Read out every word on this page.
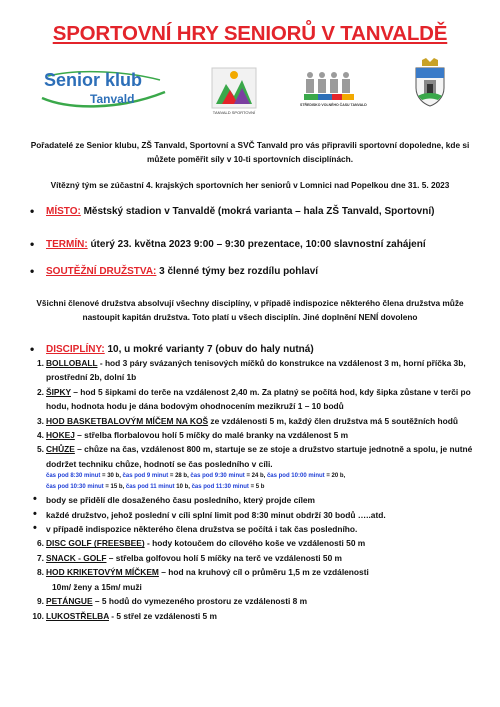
SPORTOVNÍ HRY SENIORŮ V TANVALDĚ
Senior klub
Tanvald
TANVALD SPORTOVNÍ
STŘEDISKO VOLNÉHO ČASU TANVALD
Pořadatelé ze Senior klubu, ZŠ Tanvald, Sportovní a SVČ Tanvald pro vás připravili sportovní dopoledne, kde si můžete poměřit síly v 10-ti sportovních disciplínách.
Vítězný tým se zúčastní 4. krajských sportovních her seniorů v Lomnici nad Popelkou dne 31. 5. 2023
• MÍSTO: Městský stadion v Tanvaldě (mokrá varianta – hala ZŠ Tanvald, Sportovní)
• TERMÍN: úterý 23. května 2023 9:00 – 9:30 prezentace, 10:00 slavnostní zahájení
• SOUTĚŽNÍ DRUŽSTVA: 3 členné týmy bez rozdílu pohlaví
Všichni členové družstva absolvují všechny disciplíny, v případě indispozice některého člena družstva může nastoupit kapitán družstva. Toto platí u všech disciplín. Jiné doplnění NENÍ dovoleno
• DISCIPLÍNY: 10, u mokré varianty 7 (obuv do haly nutná)
1. BOLLOBALL - hod 3 páry svázaných tenisových míčků do konstrukce na vzdálenost 3 m, horní příčka 3b, prostřední 2b, dolní 1b
2. ŠIPKY – hod 5 šipkami do terče na vzdálenost 2,40 m. Za platný se počítá hod, kdy šipka zůstane v terči po hodu, hodnota hodu je dána bodovým ohodnocením mezikruží 1 – 10 bodů
3. HOD BASKETBALOVÝM MÍČEM NA KOŠ ze vzdálenosti 5 m, každý člen družstva má 5 soutěžních hodů
4. HOKEJ – střelba florbalovou holí 5 míčky do malé branky na vzdálenost 5 m
5. CHŮZE – chůze na čas, vzdálenost 800 m, startuje se ze stoje a družstvo startuje jednotně a spolu, je nutné dodržet techniku chůze, hodnotí se čas posledního v cíli.
čas pod 8:30 minut = 30 b, čas pod 9 minut = 28 b, čas pod 9:30 minut = 24 b, čas pod 10:00 minut = 20 b,
čas pod 10:30 minut = 15 b, čas pod 11 minut 10 b, čas pod 11:30 minut = 5 b
• body se přidělí dle dosaženého času posledního, který projde cílem
• každé družstvo, jehož poslední v cíli splní limit pod 8:30 minut obdrží 30 bodů …..atd.
• v případě indispozice některého člena družstva se počítá i tak čas posledního.
6. DISC GOLF (FREESBEE) - hody kotoučem do cílového koše ve vzdálenosti 50 m
7. SNACK - GOLF – střelba golfovou holí 5 míčky na terč ve vzdálenosti 50 m
8. HOD KRIKETOVÝM MÍČKEM – hod na kruhový cíl o průměru 1,5 m ze vzdálenosti
10m/ ženy a 15m/ muži
9. PETÁNGUE – 5 hodů do vymezeného prostoru ze vzdálenosti 8 m
10. LUKOSTŘELBA - 5 střel ze vzdálenosti 5 m
